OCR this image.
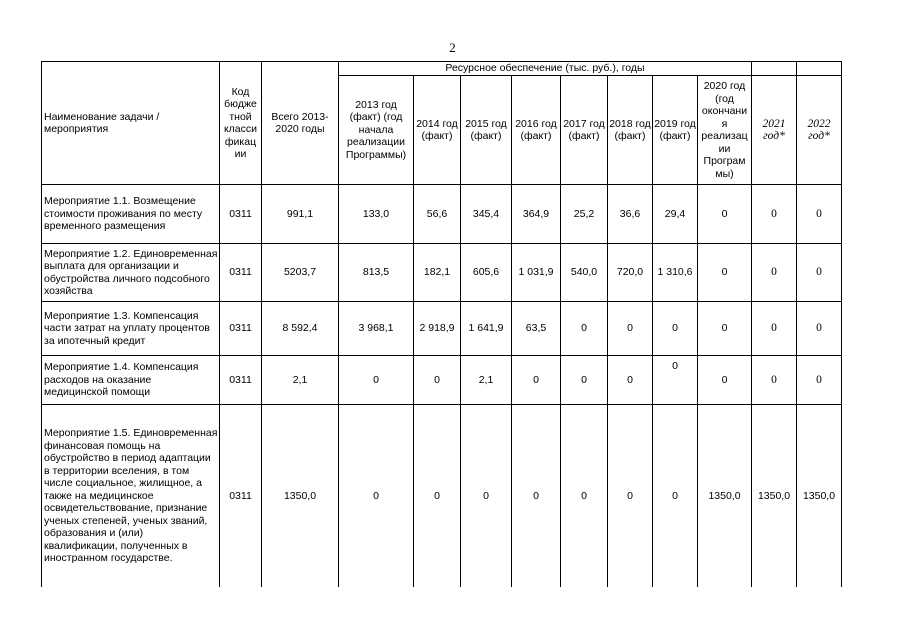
2
Наименование задачи / мероприятия	Код бюдже тной класси фикац ии	Всего 2013-2020 годы	Ресурсное обеспечение (тыс. руб.), годы									
			2013 год (факт) (год начала реализации Программы)	2014 год (факт)	2015 год (факт)	2016 год (факт)	2017 год (факт)	2018 год (факт)	2019 год (факт)	2020 год (год окончани я реализац ии Програм мы)	2021 год*	2022 год*
Мероприятие 1.1. Возмещение стоимости проживания по месту временного размещения	0311	991,1	133,0	56,6	345,4	364,9	25,2	36,6	29,4	0	0	0
Мероприятие 1.2. Единовременная выплата для организации и обустройства личного подсобного хозяйства	0311	5203,7	813,5	182,1	605,6	1 031,9	540,0	720,0	1 310,6	0	0	0
Мероприятие 1.3. Компенсация части затрат на уплату процентов за ипотечный кредит	0311	8 592,4	3 968,1	2 918,9	1 641,9	63,5	0	0	0	0	0	0
Мероприятие 1.4. Компенсация расходов на оказание медицинской помощи	0311	2,1	0	0	2,1	0	0	0	0	0	0	0
Мероприятие 1.5. Единовременная финансовая помощь на обустройство в период адаптации в территории вселения, в том числе социальное, жилищное, а также на медицинское освидетельствование, признание ученых степеней, ученых званий, образования и (или) квалификации, полученных в иностранном государстве.	0311	1350,0	0	0	0	0	0	0	0	1350,0	1350,0	1350,0
